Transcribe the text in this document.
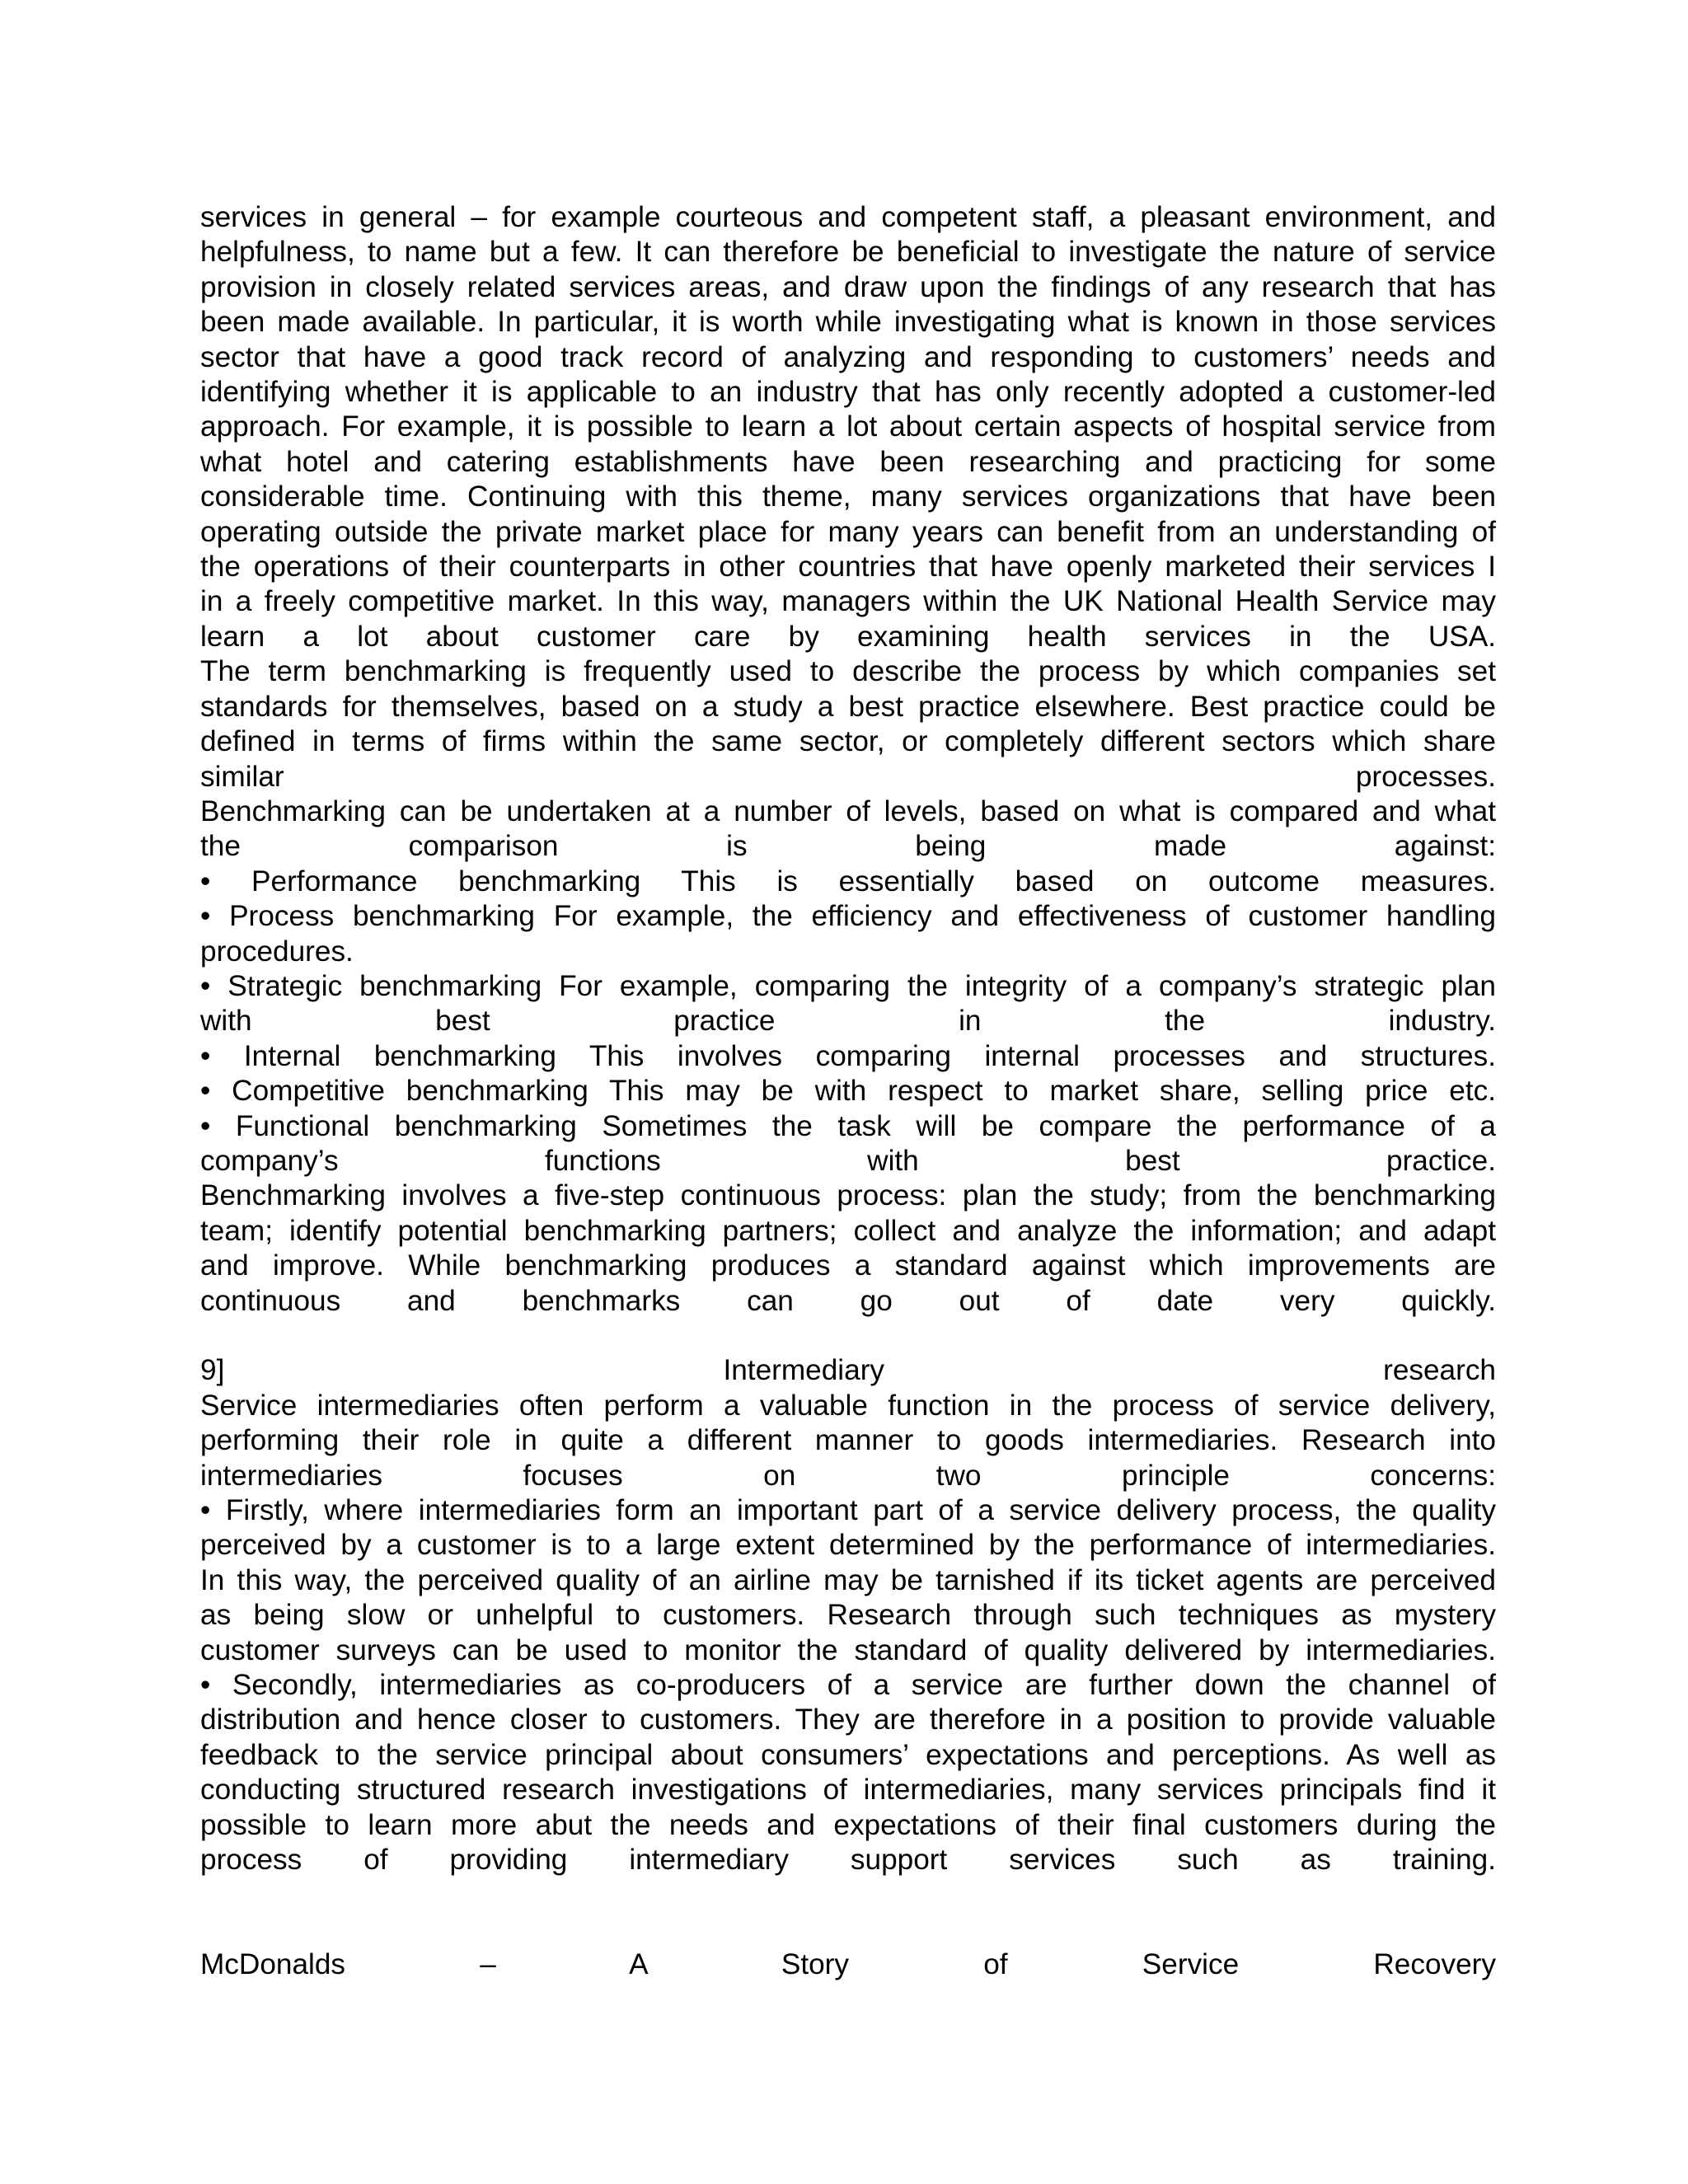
services in general – for example courteous and competent staff, a pleasant environment, and
helpfulness, to name but a few. It can therefore be beneficial to investigate the nature of service
provision in closely related services areas, and draw upon the findings of any research that has
been made available. In particular, it is worth while investigating what is known in those services
sector that have a good track record of analyzing and responding to customers’ needs and
identifying whether it is applicable to an industry that has only recently adopted a customer-led
approach. For example, it is possible to learn a lot about certain aspects of hospital service from
what hotel and catering establishments have been researching and practicing for some
considerable time. Continuing with this theme, many services organizations that have been
operating outside the private market place for many years can benefit from an understanding of
the operations of their counterparts in other countries that have openly marketed their services I
in a freely competitive market. In this way, managers within the UK National Health Service may
learn a lot about customer care by examining health services in the USA.
The term benchmarking is frequently used to describe the process by which companies set
standards for themselves, based on a study a best practice elsewhere. Best practice could be
defined in terms of firms within the same sector, or completely different sectors which share
similar processes.
Benchmarking can be undertaken at a number of levels, based on what is compared and what
the comparison is being made against:
• Performance benchmarking This is essentially based on outcome measures.
• Process benchmarking For example, the efficiency and effectiveness of customer handling
procedures.
• Strategic benchmarking For example, comparing the integrity of a company’s strategic plan
with best practice in the industry.
• Internal benchmarking This involves comparing internal processes and structures.
• Competitive benchmarking This may be with respect to market share, selling price etc.
• Functional benchmarking Sometimes the task will be compare the performance of a
company’s functions with best practice.
Benchmarking involves a five-step continuous process: plan the study; from the benchmarking
team; identify potential benchmarking partners; collect and analyze the information; and adapt
and improve. While benchmarking produces a standard against which improvements are
continuous and benchmarks can go out of date very quickly.
9] Intermediary research
Service intermediaries often perform a valuable function in the process of service delivery,
performing their role in quite a different manner to goods intermediaries. Research into
intermediaries focuses on two principle concerns:
• Firstly, where intermediaries form an important part of a service delivery process, the quality
perceived by a customer is to a large extent determined by the performance of intermediaries.
In this way, the perceived quality of an airline may be tarnished if its ticket agents are perceived
as being slow or unhelpful to customers. Research through such techniques as mystery
customer surveys can be used to monitor the standard of quality delivered by intermediaries.
• Secondly, intermediaries as co-producers of a service are further down the channel of
distribution and hence closer to customers. They are therefore in a position to provide valuable
feedback to the service principal about consumers’ expectations and perceptions. As well as
conducting structured research investigations of intermediaries, many services principals find it
possible to learn more abut the needs and expectations of their final customers during the
process of providing intermediary support services such as training.
McDonalds – A Story of Service Recovery
